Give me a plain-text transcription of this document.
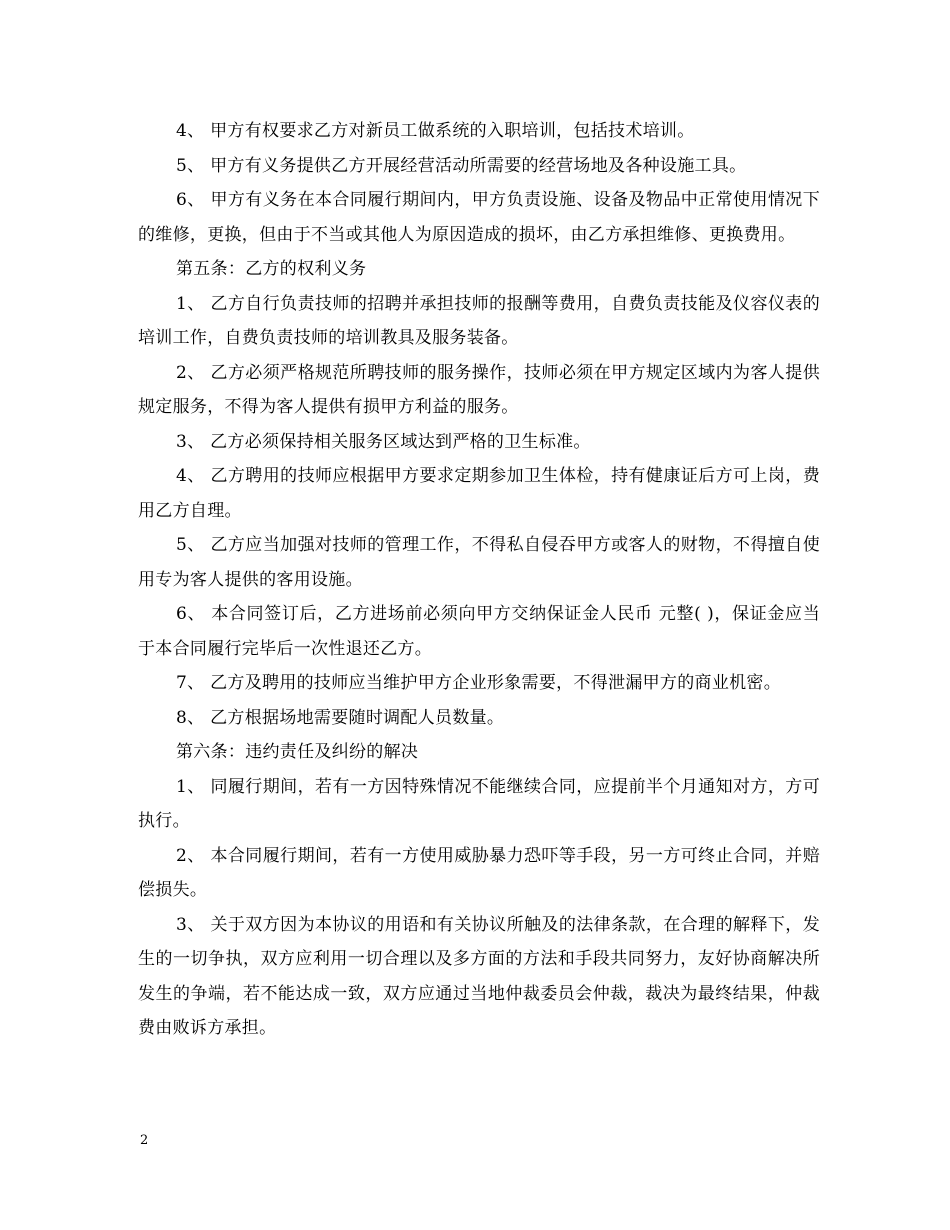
4、 甲方有权要求乙方对新员工做系统的入职培训，包括技术培训。

5、 甲方有义务提供乙方开展经营活动所需要的经营场地及各种设施工具。

6、 甲方有义务在本合同履行期间内，甲方负责设施、设备及物品中正常使用情况下的维修，更换，但由于不当或其他人为原因造成的损坏，由乙方承担维修、更换费用。

第五条：乙方的权利义务

1、 乙方自行负责技师的招聘并承担技师的报酬等费用，自费负责技能及仪容仪表的培训工作，自费负责技师的培训教具及服务装备。

2、 乙方必须严格规范所聘技师的服务操作，技师必须在甲方规定区域内为客人提供规定服务，不得为客人提供有损甲方利益的服务。

3、 乙方必须保持相关服务区域达到严格的卫生标准。

4、 乙方聘用的技师应根据甲方要求定期参加卫生体检，持有健康证后方可上岗，费用乙方自理。

5、 乙方应当加强对技师的管理工作，不得私自侵吞甲方或客人的财物，不得擅自使用专为客人提供的客用设施。

6、 本合同签订后，乙方进场前必须向甲方交纳保证金人民币 元整( )，保证金应当于本合同履行完毕后一次性退还乙方。

7、 乙方及聘用的技师应当维护甲方企业形象需要，不得泄漏甲方的商业机密。

8、 乙方根据场地需要随时调配人员数量。

第六条：违约责任及纠纷的解决

1、 同履行期间，若有一方因特殊情况不能继续合同，应提前半个月通知对方，方可执行。

2、 本合同履行期间，若有一方使用威胁暴力恐吓等手段，另一方可终止合同，并赔偿损失。

3、 关于双方因为本协议的用语和有关协议所触及的法律条款，在合理的解释下，发生的一切争执，双方应利用一切合理以及多方面的方法和手段共同努力，友好协商解决所发生的争端，若不能达成一致，双方应通过当地仲裁委员会仲裁，裁决为最终结果，仲裁费由败诉方承担。

2
